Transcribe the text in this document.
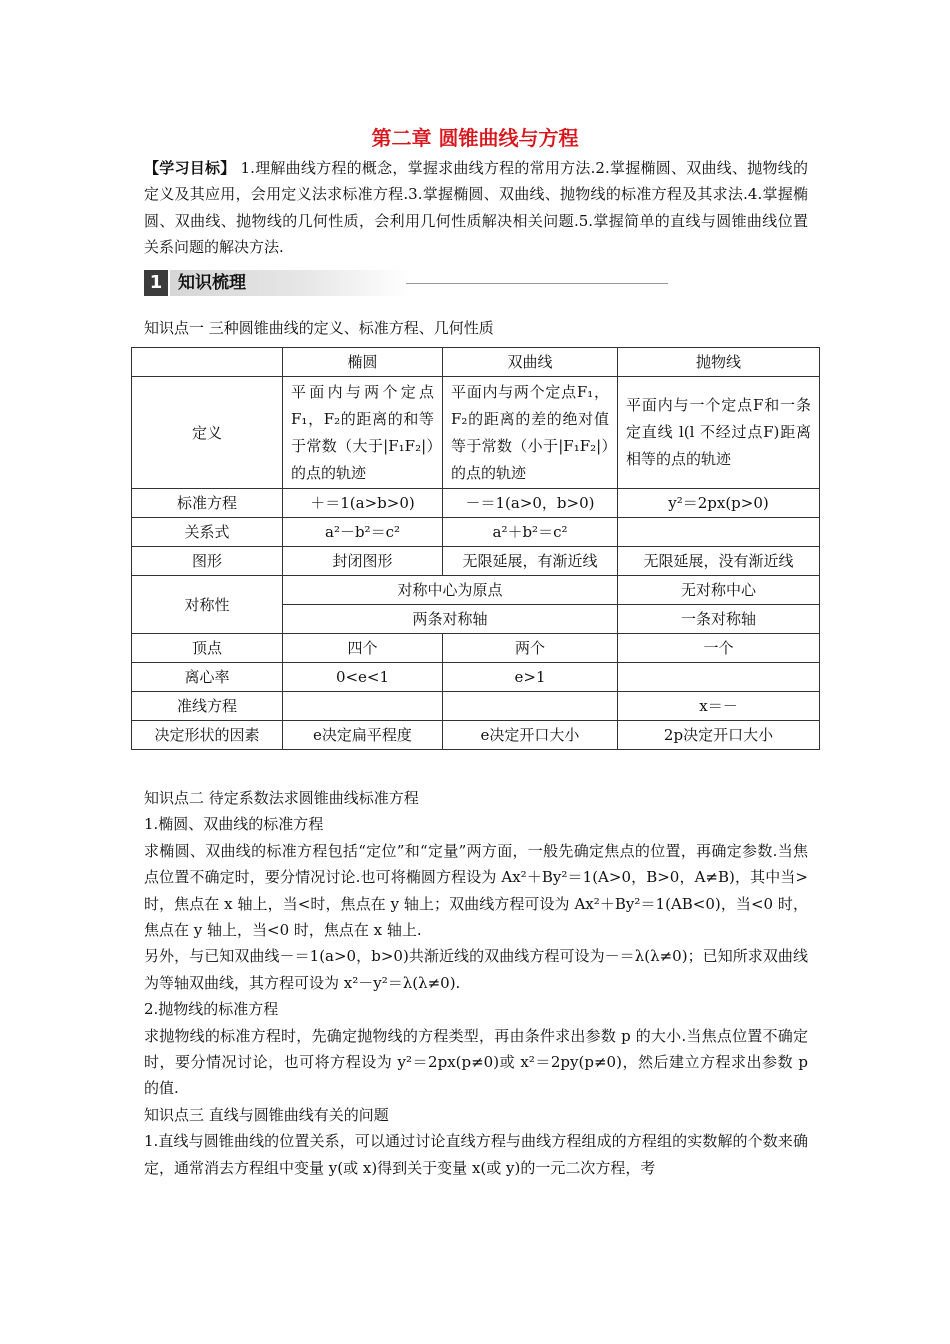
第二章 圆锥曲线与方程

【学习目标】 1.理解曲线方程的概念，掌握求曲线方程的常用方法.2.掌握椭圆、双曲线、抛物线的定义及其应用，会用定义法求标准方程.3.掌握椭圆、双曲线、抛物线的标准方程及其求法.4.掌握椭圆、双曲线、抛物线的几何性质，会利用几何性质解决相关问题.5.掌握简单的直线与圆锥曲线位置关系问题的解决方法.

1 知识梳理
知识点一 三种圆锥曲线的定义、标准方程、几何性质
	椭圆	双曲线	抛物线
定义	平面内与两个定点F₁，F₂的距离的和等于常数（大于|F₁F₂|）的点的轨迹	平面内与两个定点F₁，F₂的距离的差的绝对值等于常数（小于|F₁F₂|）的点的轨迹	平面内与一个定点F和一条定直线 l(l 不经过点F)距离相等的点的轨迹
标准方程	＋＝1(a>b>0)	－＝1(a>0，b>0)	y²＝2px(p>0)
关系式	a²－b²＝c²	a²＋b²＝c²	
图形	封闭图形	无限延展，有渐近线	无限延展，没有渐近线
对称性	对称中心为原点		无对称中心
	两条对称轴		一条对称轴
顶点	四个	两个	一个
离心率	0<e<1	e>1	
准线方程			x＝－
决定形状的因素	e决定扁平程度	e决定开口大小	2p决定开口大小

知识点二 待定系数法求圆锥曲线标准方程

1.椭圆、双曲线的标准方程

求椭圆、双曲线的标准方程包括“定位”和“定量”两方面，一般先确定焦点的位置，再确定参数.当焦点位置不确定时，要分情况讨论.也可将椭圆方程设为 Ax²＋By²＝1(A>0，B>0，A≠B)，其中当>时，焦点在 x 轴上，当<时，焦点在 y 轴上；双曲线方程可设为 Ax²＋By²＝1(AB<0)，当<0 时，焦点在 y 轴上，当<0 时，焦点在 x 轴上.

另外，与已知双曲线－＝1(a>0，b>0)共渐近线的双曲线方程可设为－＝λ(λ≠0)；已知所求双曲线为等轴双曲线，其方程可设为 x²－y²＝λ(λ≠0).

2.抛物线的标准方程

求抛物线的标准方程时，先确定抛物线的方程类型，再由条件求出参数 p 的大小.当焦点位置不确定时，要分情况讨论，也可将方程设为 y²＝2px(p≠0)或 x²＝2py(p≠0)，然后建立方程求出参数 p 的值.

知识点三 直线与圆锥曲线有关的问题

1.直线与圆锥曲线的位置关系，可以通过讨论直线方程与曲线方程组成的方程组的实数解的个数来确定，通常消去方程组中变量 y(或 x)得到关于变量 x(或 y)的一元二次方程，考
